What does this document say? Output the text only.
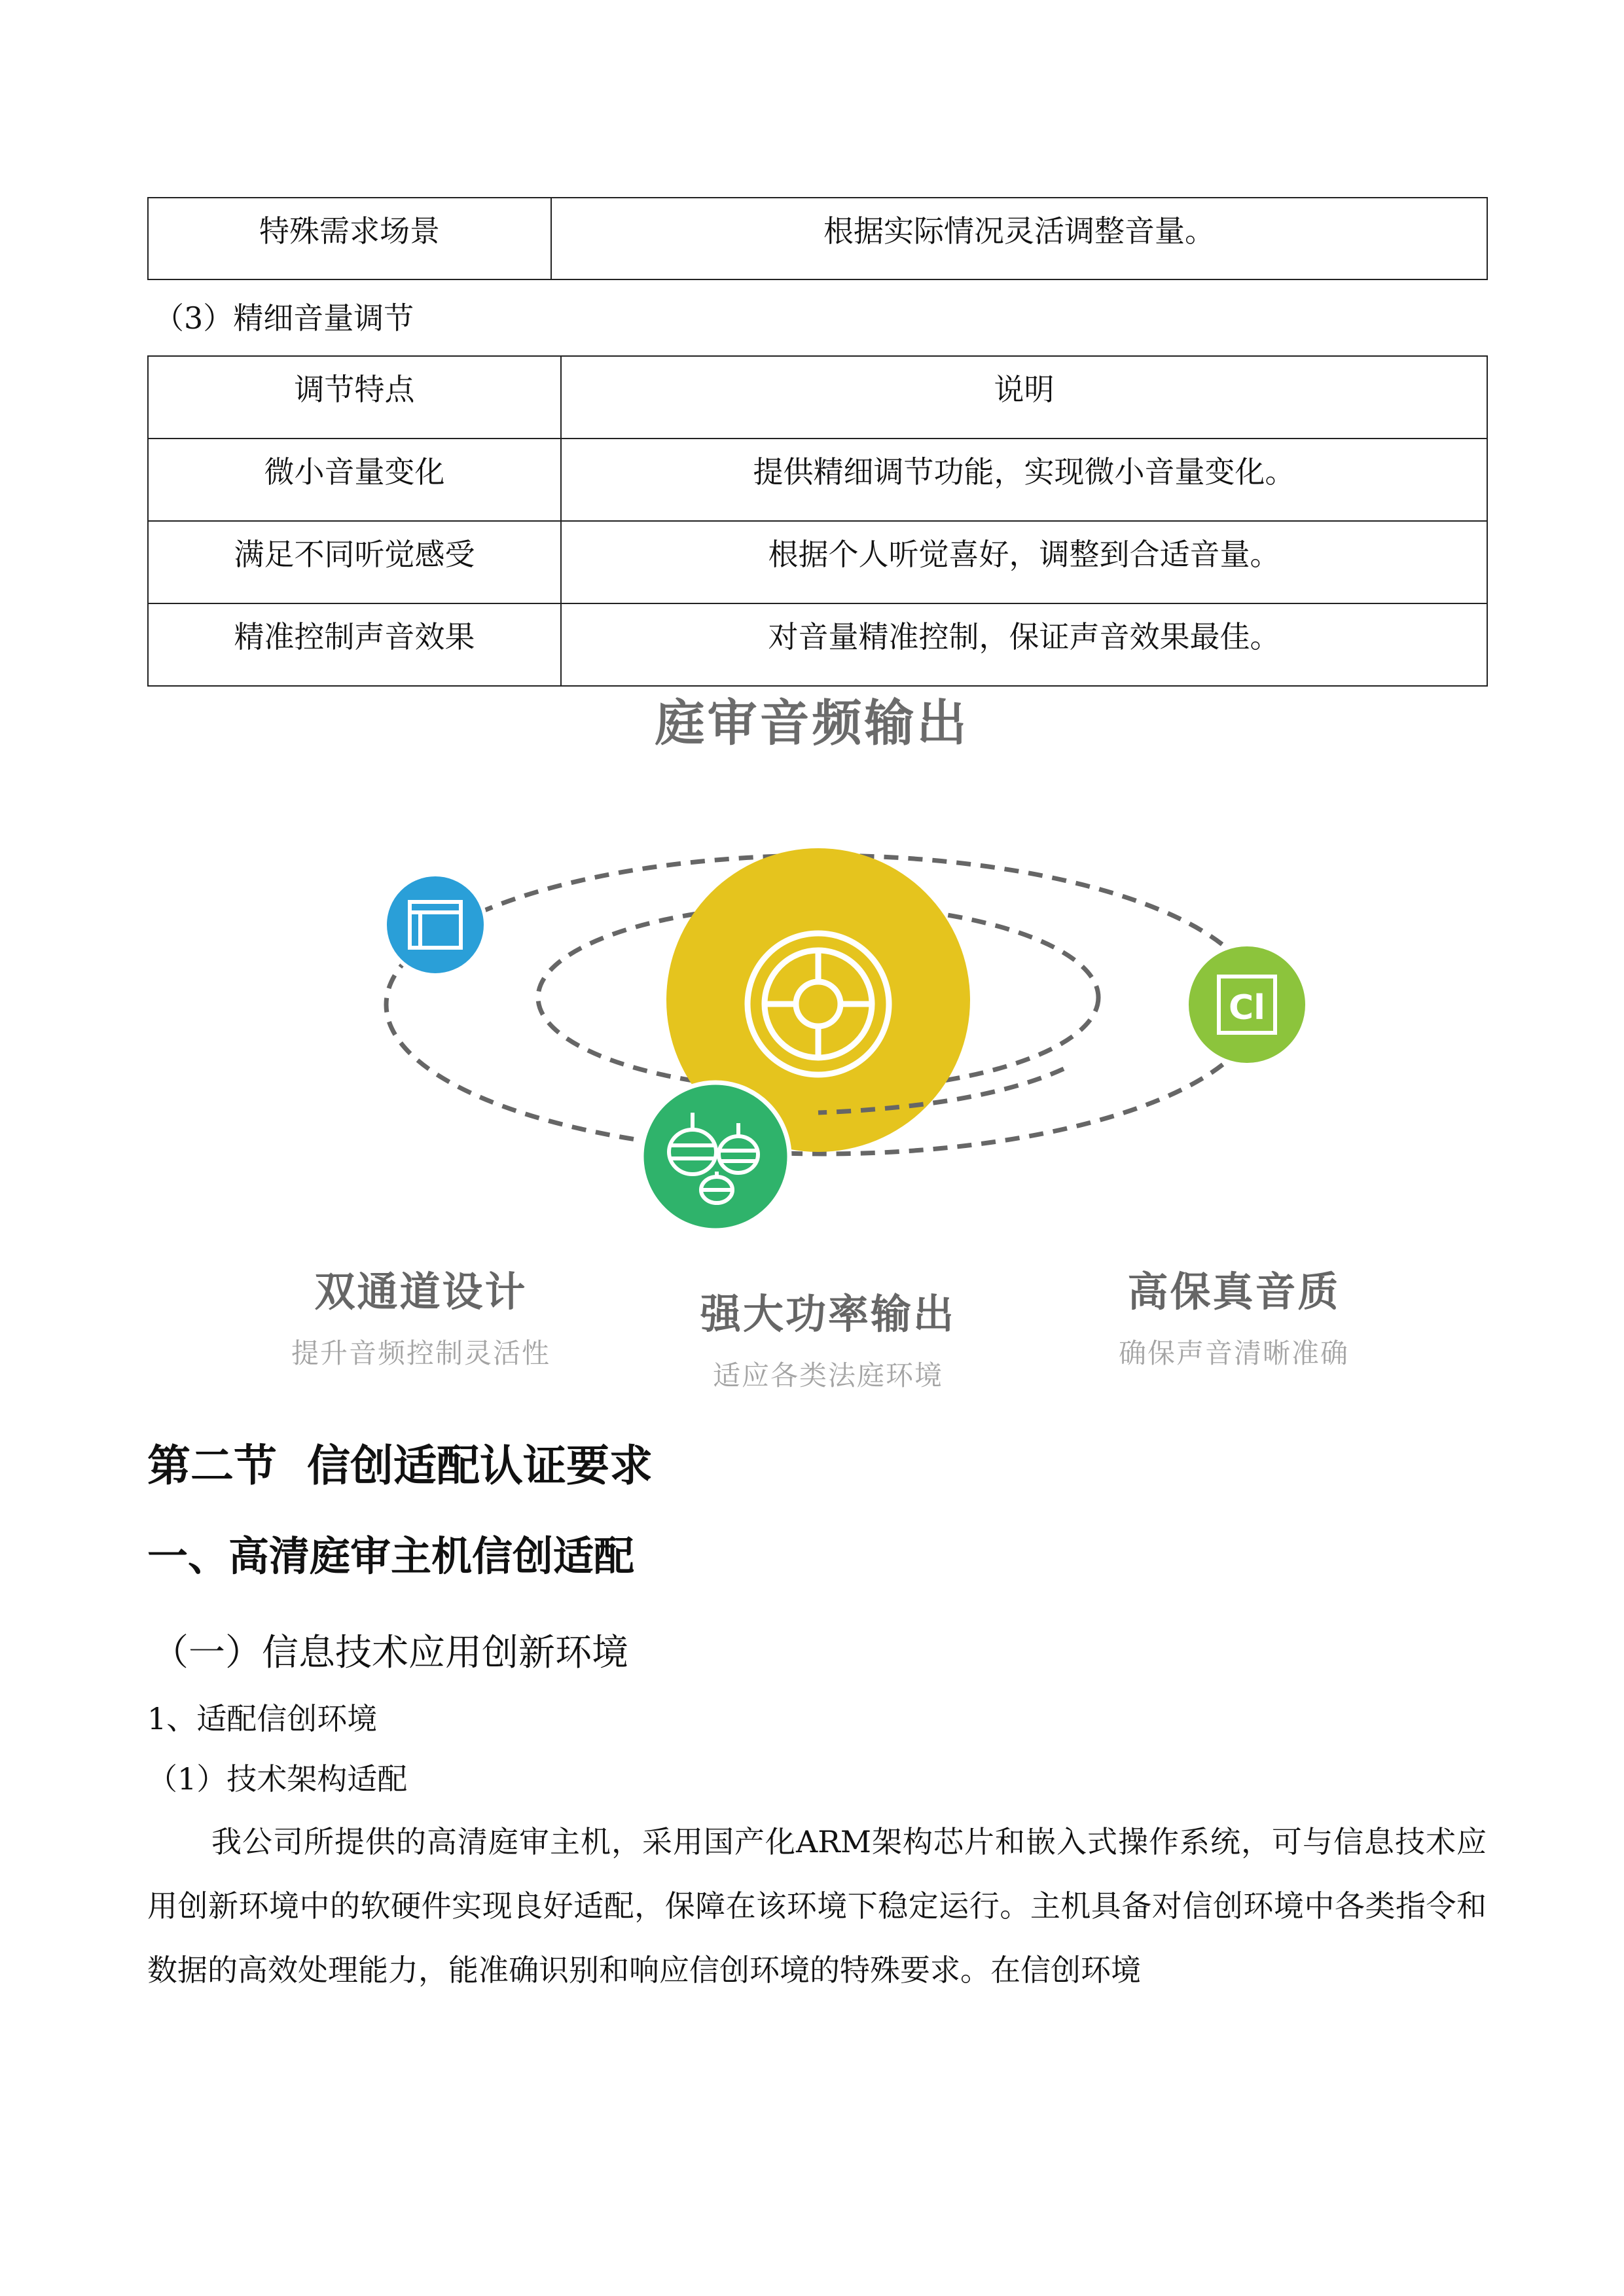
特殊需求场景	根据实际情况灵活调整音量。
（3）精细音量调节
调节特点	说明
微小音量变化	提供精细调节功能，实现微小音量变化。
满足不同听觉感受	根据个人听觉喜好，调整到合适音量。
精准控制声音效果	对音量精准控制，保证声音效果最佳。
庭审音频输出
Cl
双通道设计
提升音频控制灵活性
强大功率输出
适应各类法庭环境
高保真音质
确保声音清晰准确
第二节  信创适配认证要求
一、高清庭审主机信创适配
（一）信息技术应用创新环境
1、适配信创环境
（1）技术架构适配
我公司所提供的高清庭审主机，采用国产化ARM架构芯片和嵌入式操作系统，可与信息技术应用创新环境中的软硬件实现良好适配，保障在该环境下稳定运行。主机具备对信创环境中各类指令和数据的高效处理能力，能准确识别和响应信创环境的特殊要求。在信创环境
